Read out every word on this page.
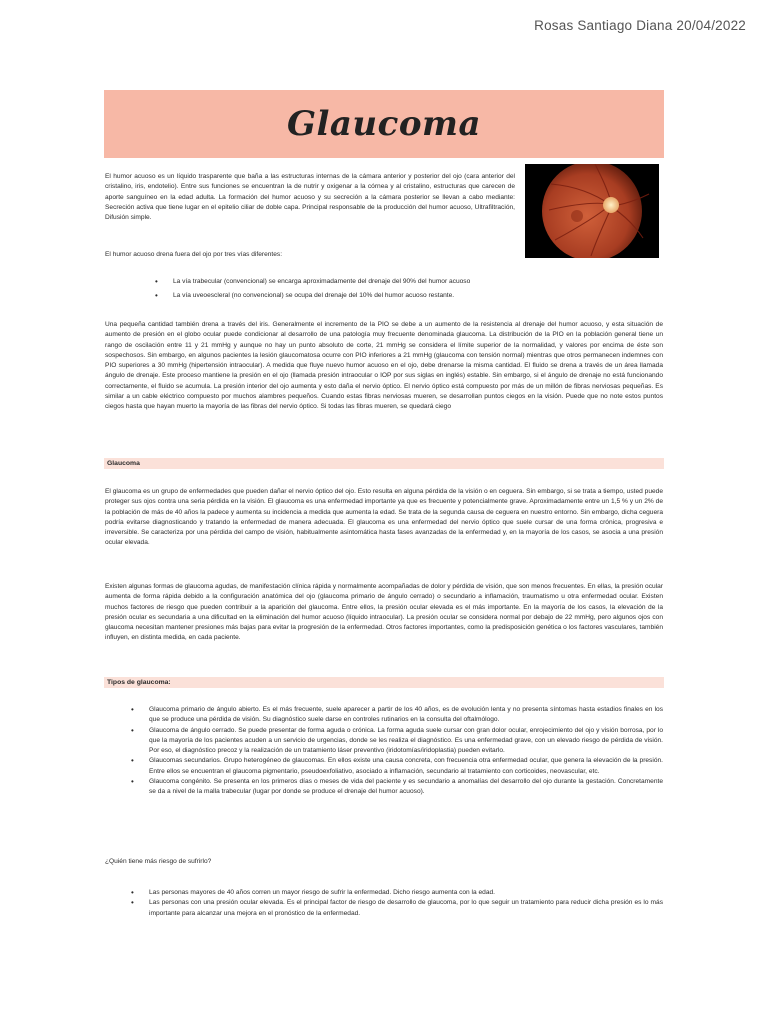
Rosas Santiago Diana 20/04/2022
Glaucoma

El humor acuoso es un líquido trasparente que baña a las estructuras internas de la cámara anterior y posterior del ojo (cara anterior del cristalino, iris, endotelio). Entre sus funciones se encuentran la de nutrir y oxigenar a la córnea y al cristalino, estructuras que carecen de aporte sanguíneo en la edad adulta. La formación del humor acuoso y su secreción a la cámara posterior se llevan a cabo mediante: Secreción activa que tiene lugar en el epitelio ciliar de doble capa. Principal responsable de la producción del humor acuoso, Ultrafiltración, Difusión simple.

El humor acuoso drena fuera del ojo por tres vías diferentes:
• La vía trabecular (convencional) se encarga aproximadamente del drenaje del 90% del humor acuoso
• La vía uveoescleral (no convencional) se ocupa del drenaje del 10% del humor acuoso restante.

Una pequeña cantidad también drena a través del iris. Generalmente el incremento de la PIO se debe a un aumento de la resistencia al drenaje del humor acuoso, y esta situación de aumento de presión en el globo ocular puede condicionar al desarrollo de una patología muy frecuente denominada glaucoma. La distribución de la PIO en la población general tiene un rango de oscilación entre 11 y 21 mmHg y aunque no hay un punto absoluto de corte, 21 mmHg se considera el límite superior de la normalidad, y valores por encima de éste son sospechosos. Sin embargo, en algunos pacientes la lesión glaucomatosa ocurre con PIO inferiores a 21 mmHg (glaucoma con tensión normal) mientras que otros permanecen indemnes con PIO superiores a 30 mmHg (hipertensión intraocular). A medida que fluye nuevo humor acuoso en el ojo, debe drenarse la misma cantidad. El fluido se drena a través de un área llamada ángulo de drenaje. Este proceso mantiene la presión en el ojo (llamada presión intraocular o IOP por sus siglas en inglés) estable. Sin embargo, si el ángulo de drenaje no está funcionando correctamente, el fluido se acumula. La presión interior del ojo aumenta y esto daña el nervio óptico. El nervio óptico está compuesto por más de un millón de fibras nerviosas pequeñas. Es similar a un cable eléctrico compuesto por muchos alambres pequeños. Cuando estas fibras nerviosas mueren, se desarrollan puntos ciegos en la visión. Puede que no note estos puntos ciegos hasta que hayan muerto la mayoría de las fibras del nervio óptico. Si todas las fibras mueren, se quedará ciego

Glaucoma

El glaucoma es un grupo de enfermedades que pueden dañar el nervio óptico del ojo. Esto resulta en alguna pérdida de la visión o en ceguera. Sin embargo, si se trata a tiempo, usted puede proteger sus ojos contra una seria pérdida en la visión. El glaucoma es una enfermedad importante ya que es frecuente y potencialmente grave. Aproximadamente entre un 1,5 % y un 2% de la población de más de 40 años la padece y aumenta su incidencia a medida que aumenta la edad. Se trata de la segunda causa de ceguera en nuestro entorno. Sin embargo, dicha ceguera podría evitarse diagnosticando y tratando la enfermedad de manera adecuada. El glaucoma es una enfermedad del nervio óptico que suele cursar de una forma crónica, progresiva e irreversible. Se caracteriza por una pérdida del campo de visión, habitualmente asintomática hasta fases avanzadas de la enfermedad y, en la mayoría de los casos, se asocia a una presión ocular elevada.

Existen algunas formas de glaucoma agudas, de manifestación clínica rápida y normalmente acompañadas de dolor y pérdida de visión, que son menos frecuentes. En ellas, la presión ocular aumenta de forma rápida debido a la configuración anatómica del ojo (glaucoma primario de ángulo cerrado) o secundario a inflamación, traumatismo u otra enfermedad ocular. Existen muchos factores de riesgo que pueden contribuir a la aparición del glaucoma. Entre ellos, la presión ocular elevada es el más importante. En la mayoría de los casos, la elevación de la presión ocular es secundaria a una dificultad en la eliminación del humor acuoso (líquido intraocular). La presión ocular se considera normal por debajo de 22 mmHg, pero algunos ojos con glaucoma necesitan mantener presiones más bajas para evitar la progresión de la enfermedad. Otros factores importantes, como la predisposición genética o los factores vasculares, también influyen, en distinta medida, en cada paciente.

Tipos de glaucoma:
• Glaucoma primario de ángulo abierto. Es el más frecuente, suele aparecer a partir de los 40 años, es de evolución lenta y no presenta síntomas hasta estadios finales en los que se produce una pérdida de visión. Su diagnóstico suele darse en controles rutinarios en la consulta del oftalmólogo.
• Glaucoma de ángulo cerrado. Se puede presentar de forma aguda o crónica. La forma aguda suele cursar con gran dolor ocular, enrojecimiento del ojo y visión borrosa, por lo que la mayoría de los pacientes acuden a un servicio de urgencias, donde se les realiza el diagnóstico. Es una enfermedad grave, con un elevado riesgo de pérdida de visión. Por eso, el diagnóstico precoz y la realización de un tratamiento láser preventivo (iridotomías/iridoplastia) pueden evitarlo.
• Glaucomas secundarios. Grupo heterogéneo de glaucomas. En ellos existe una causa concreta, con frecuencia otra enfermedad ocular, que genera la elevación de la presión. Entre ellos se encuentran el glaucoma pigmentario, pseudoexfoliativo, asociado a inflamación, secundario al tratamiento con corticoides, neovascular, etc.
• Glaucoma congénito. Se presenta en los primeros días o meses de vida del paciente y es secundario a anomalías del desarrollo del ojo durante la gestación. Concretamente se da a nivel de la malla trabecular (lugar por donde se produce el drenaje del humor acuoso).
¿Quién tiene más riesgo de sufrirlo?
• Las personas mayores de 40 años corren un mayor riesgo de sufrir la enfermedad. Dicho riesgo aumenta con la edad.
• Las personas con una presión ocular elevada. Es el principal factor de riesgo de desarrollo de glaucoma, por lo que seguir un tratamiento para reducir dicha presión es lo más importante para alcanzar una mejora en el pronóstico de la enfermedad.
